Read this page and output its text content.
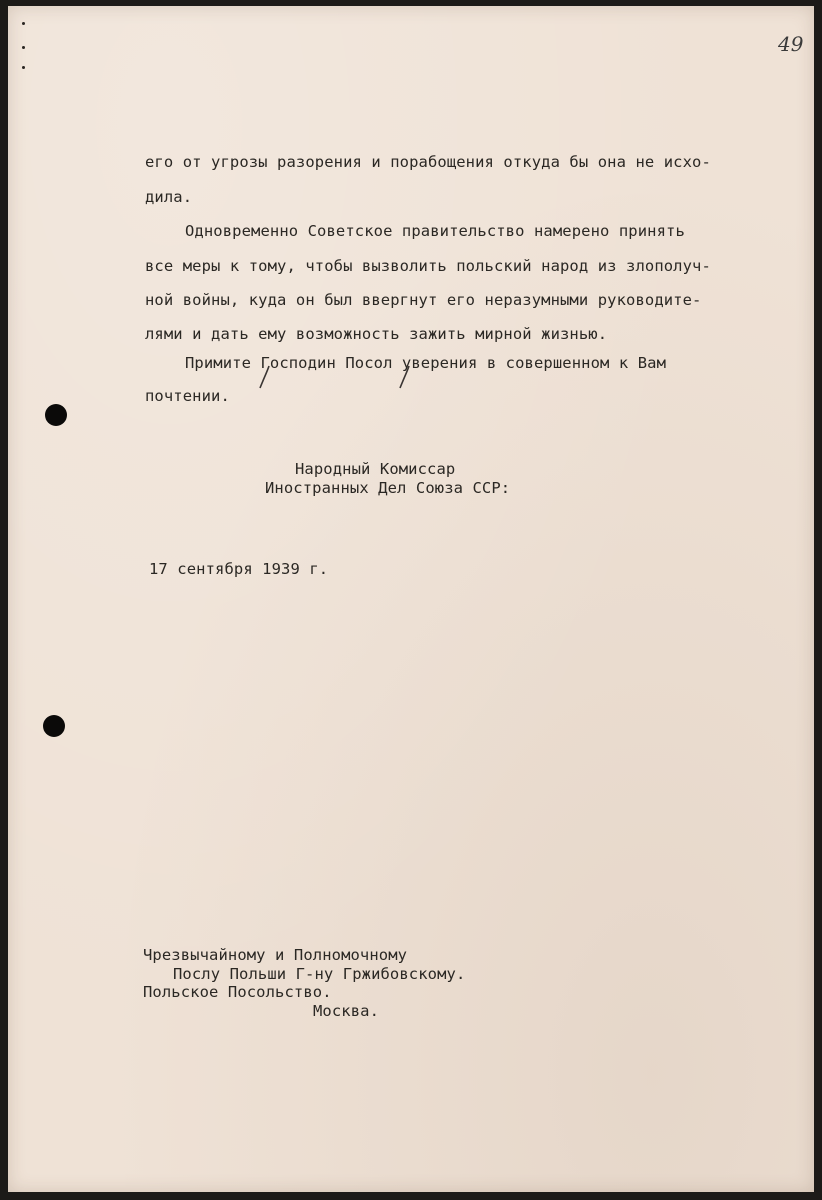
49
его от угрозы разорения и порабощения откуда бы она не исхо-
дила.
Одновременно Советское правительство намерено принять
все меры к тому, чтобы вызволить польский народ из злополуч-
ной войны, куда он был ввергнут его неразумными руководите-
лями и дать ему возможность зажить мирной жизнью.
Примите Господин Посол уверения в совершенном к Вам
почтении.
Народный Комиссар
Иностранных Дел Союза ССР:
17 сентября 1939 г.
Чрезвычайному и Полномочному
Послу Польши Г-ну Гржибовскому.
Польское Посольство.
Москва.
